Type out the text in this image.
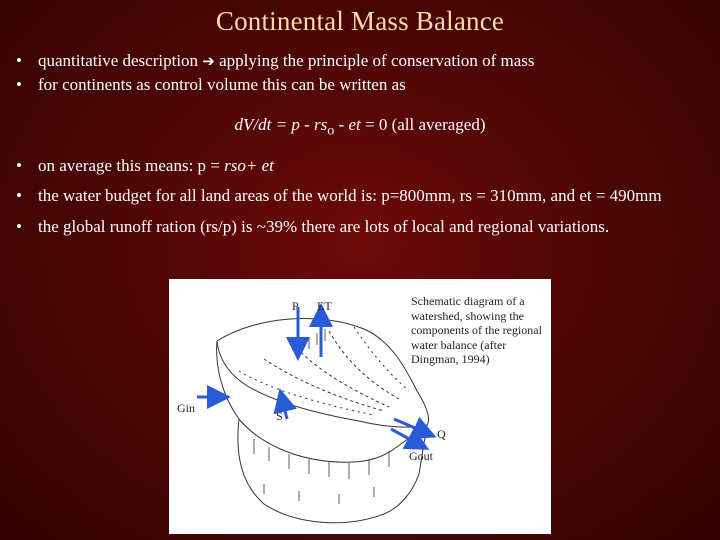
Continental Mass Balance
• quantitative description ➔ applying the principle of conservation of mass
• for continents as control volume this can be written as
$dV/dt = p - rs_o$ - et = 0 (all averaged)
• on average this means: p = rso+ et
• the water budget for all land areas of the world is: p=800mm, rs = 310mm, and et = 490mm
• the global runoff ration (rs/p) is ~39% there are lots of local and regional variations.
P ET
Gin
S
Q
Gout
Schematic diagram of a watershed, showing the components of the regional water balance (after Dingman, 1994)
